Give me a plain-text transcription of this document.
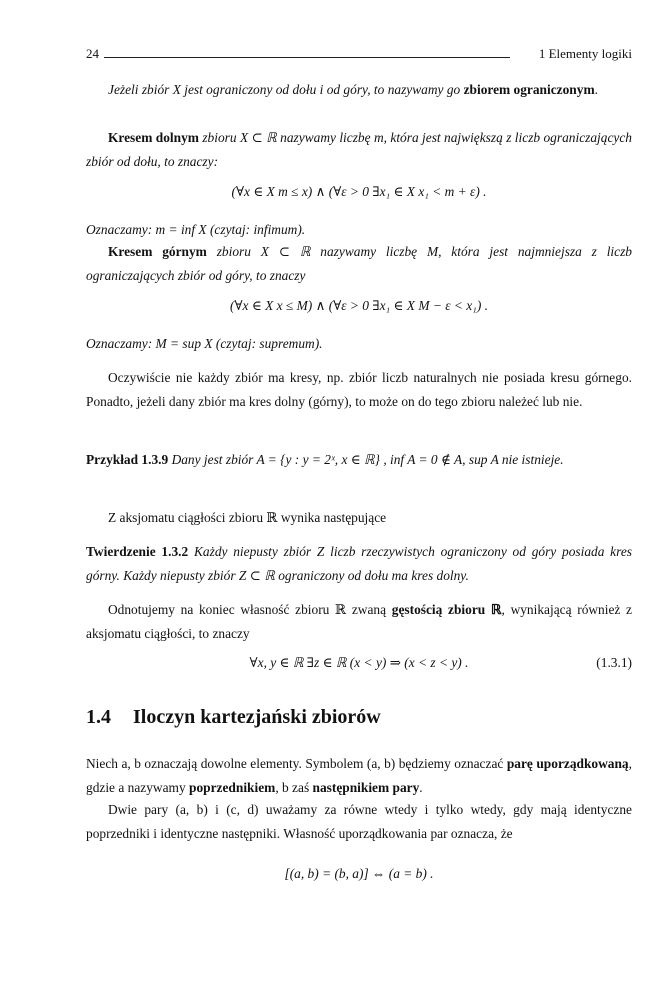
24	1 Elementy logiki
Jeżeli zbiór X jest ograniczony od dołu i od góry, to nazywamy go zbiorem ograniczonym.
Kresem dolnym zbioru X ⊂ ℝ nazywamy liczbę m, która jest największą z liczb ograniczających zbiór od dołu, to znaczy:
(∀x ∈ X m ≤ x) ∧ (∀ε > 0 ∃x₁ ∈ X x₁ < m + ε) .
Oznaczamy: m = inf X (czytaj: infimum).
Kresem górnym zbioru X ⊂ ℝ nazywamy liczbę M, która jest najmniejsza z liczb ograniczających zbiór od góry, to znaczy
(∀x ∈ X x ≤ M) ∧ (∀ε > 0 ∃x₁ ∈ X M − ε < x₁) .
Oznaczamy: M = sup X (czytaj: supremum).
Oczywiście nie każdy zbiór ma kresy, np. zbiór liczb naturalnych nie posiada kresu górnego. Ponadto, jeżeli dany zbiór ma kres dolny (górny), to może on do tego zbioru należeć lub nie.
Przykład 1.3.9 Dany jest zbiór A = {y : y = 2ˣ, x ∈ ℝ} , inf A = 0 ∉ A, sup A nie istnieje.
Z aksjomatu ciągłości zbioru ℝ wynika następujące
Twierdzenie 1.3.2 Każdy niepusty zbiór Z liczb rzeczywistych ograniczony od góry posiada kres górny. Każdy niepusty zbiór Z ⊂ ℝ ograniczony od dołu ma kres dolny.
Odnotujemy na koniec własność zbioru ℝ zwaną gęstością zbioru ℝ, wynikającą również z aksjomatu ciągłości, to znaczy
∀x, y ∈ ℝ ∃z ∈ ℝ (x < y) ⇒ (x < z < y) .	(1.3.1)
1.4 Iloczyn kartezjański zbiorów
Niech a, b oznaczają dowolne elementy. Symbolem (a, b) będziemy oznaczać parę uporządkowaną, gdzie a nazywamy poprzednikiem, b zaś następnikiem pary.
Dwie pary (a, b) i (c, d) uważamy za równe wtedy i tylko wtedy, gdy mają identyczne poprzedniki i identyczne następniki. Własność uporządkowania par oznacza, że
[(a, b) = (b, a)] ⇔ (a = b) .
